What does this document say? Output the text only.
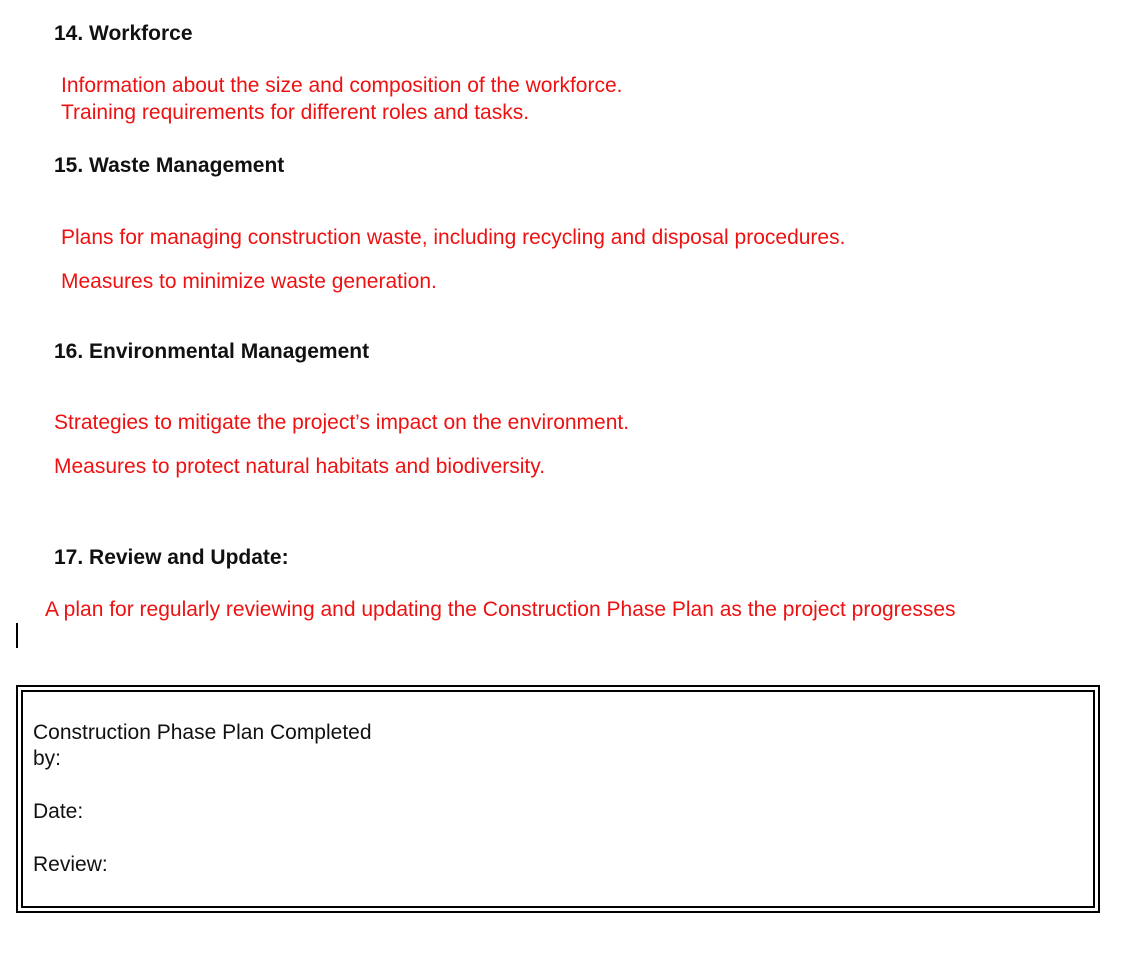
14. Workforce
Information about the size and composition of the workforce.
Training requirements for different roles and tasks.
15. Waste Management
Plans for managing construction waste, including recycling and disposal procedures.
Measures to minimize waste generation.
16. Environmental Management
Strategies to mitigate the project’s impact on the environment.
Measures to protect natural habitats and biodiversity.
17. Review and Update:
A plan for regularly reviewing and updating the Construction Phase Plan as the project progresses
Construction Phase Plan Completed
by:
Date:
Review:
